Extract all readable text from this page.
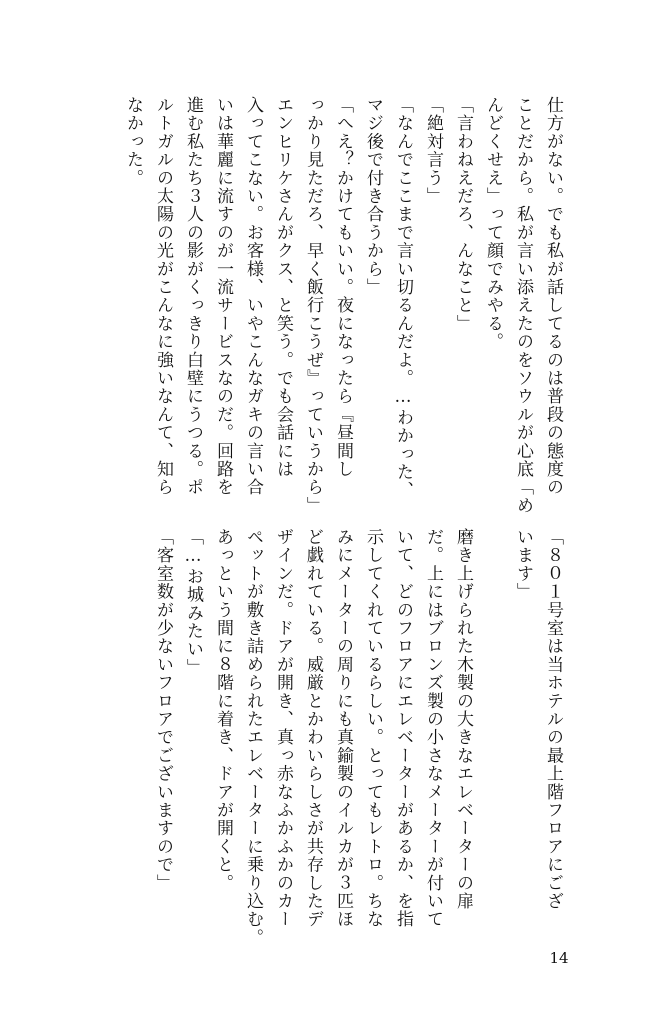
仕方がない。でも私が話してるのは普段の態度の
ことだから。私が言い添えたのをソウルが心底「め
んどくせえ」って顔でみやる。
「言わねえだろ、んなこと」
「絶対言う」
「なんでここまで言い切るんだよ。…わかった、
マジ後で付き合うから」
「へえ？かけてもいい。夜になったら『昼間し
っかり見ただろ、早く飯行こうぜ』っていうから」
エンヒリケさんがクス、と笑う。でも会話には
入ってこない。お客様、いやこんなガキの言い合
いは華麗に流すのが一流サービスなのだ。回路を
進む私たち３人の影がくっきり白壁にうつる。ポ
ルトガルの太陽の光がこんなに強いなんて、知ら
なかった。
「８０１号室は当ホテルの最上階フロアにござ
います」

磨き上げられた木製の大きなエレベーターの扉
だ。上にはブロンズ製の小さなメーターが付いて
いて、どのフロアにエレベーターがあるか、を指
示してくれているらしい。とってもレトロ。ちな
みにメーターの周りにも真鍮製のイルカが３匹ほ
ど戯れている。威厳とかわいらしさが共存したデ
ザインだ。ドアが開き、真っ赤なふかふかのカー
ペットが敷き詰められたエレベーターに乗り込む。
あっという間に８階に着き、ドアが開くと。
「…お城みたい」
「客室数が少ないフロアでございますので」
14
